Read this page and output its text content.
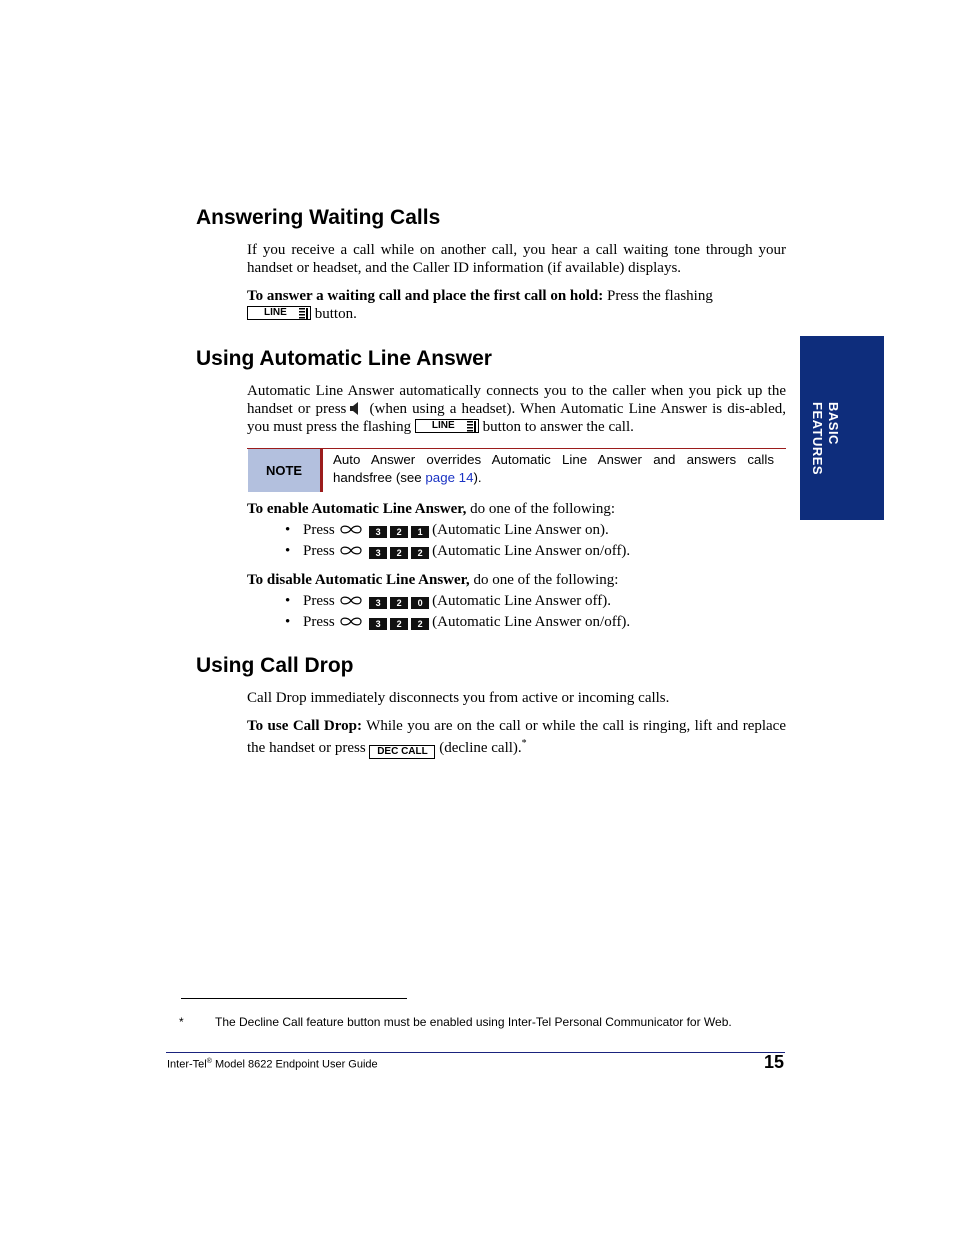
Answering Waiting Calls
If you receive a call while on another call, you hear a call waiting tone through your handset or headset, and the Caller ID information (if available) displays.
To answer a waiting call and place the first call on hold: Press the flashing

LINE button.
Using Automatic Line Answer
Automatic Line Answer automatically connects you to the caller when you pick up the handset or press (when using a headset). When Automatic Line Answer is dis-abled, you must press the flashing LINE button to answer the call.
NOTE
Auto Answer overrides Automatic Line Answer and answers calls handsfree (see page 14).
To enable Automatic Line Answer, do one of the following:
• Press	3 2 1 (Automatic Line Answer on).
• Press	3 2 2 (Automatic Line Answer on/off).
To disable Automatic Line Answer, do one of the following:
• Press	3 2 0 (Automatic Line Answer off).
• Press	3 2 2 (Automatic Line Answer on/off).
Using Call Drop
Call Drop immediately disconnects you from active or incoming calls.
To use Call Drop: While you are on the call or while the call is ringing, lift and replace the handset or press DEC CALL (decline call).*
BASIC
FEATURES
*	The Decline Call feature button must be enabled using Inter-Tel Personal Communicator for Web.
Inter-Tel® Model 8622 Endpoint User Guide	15
